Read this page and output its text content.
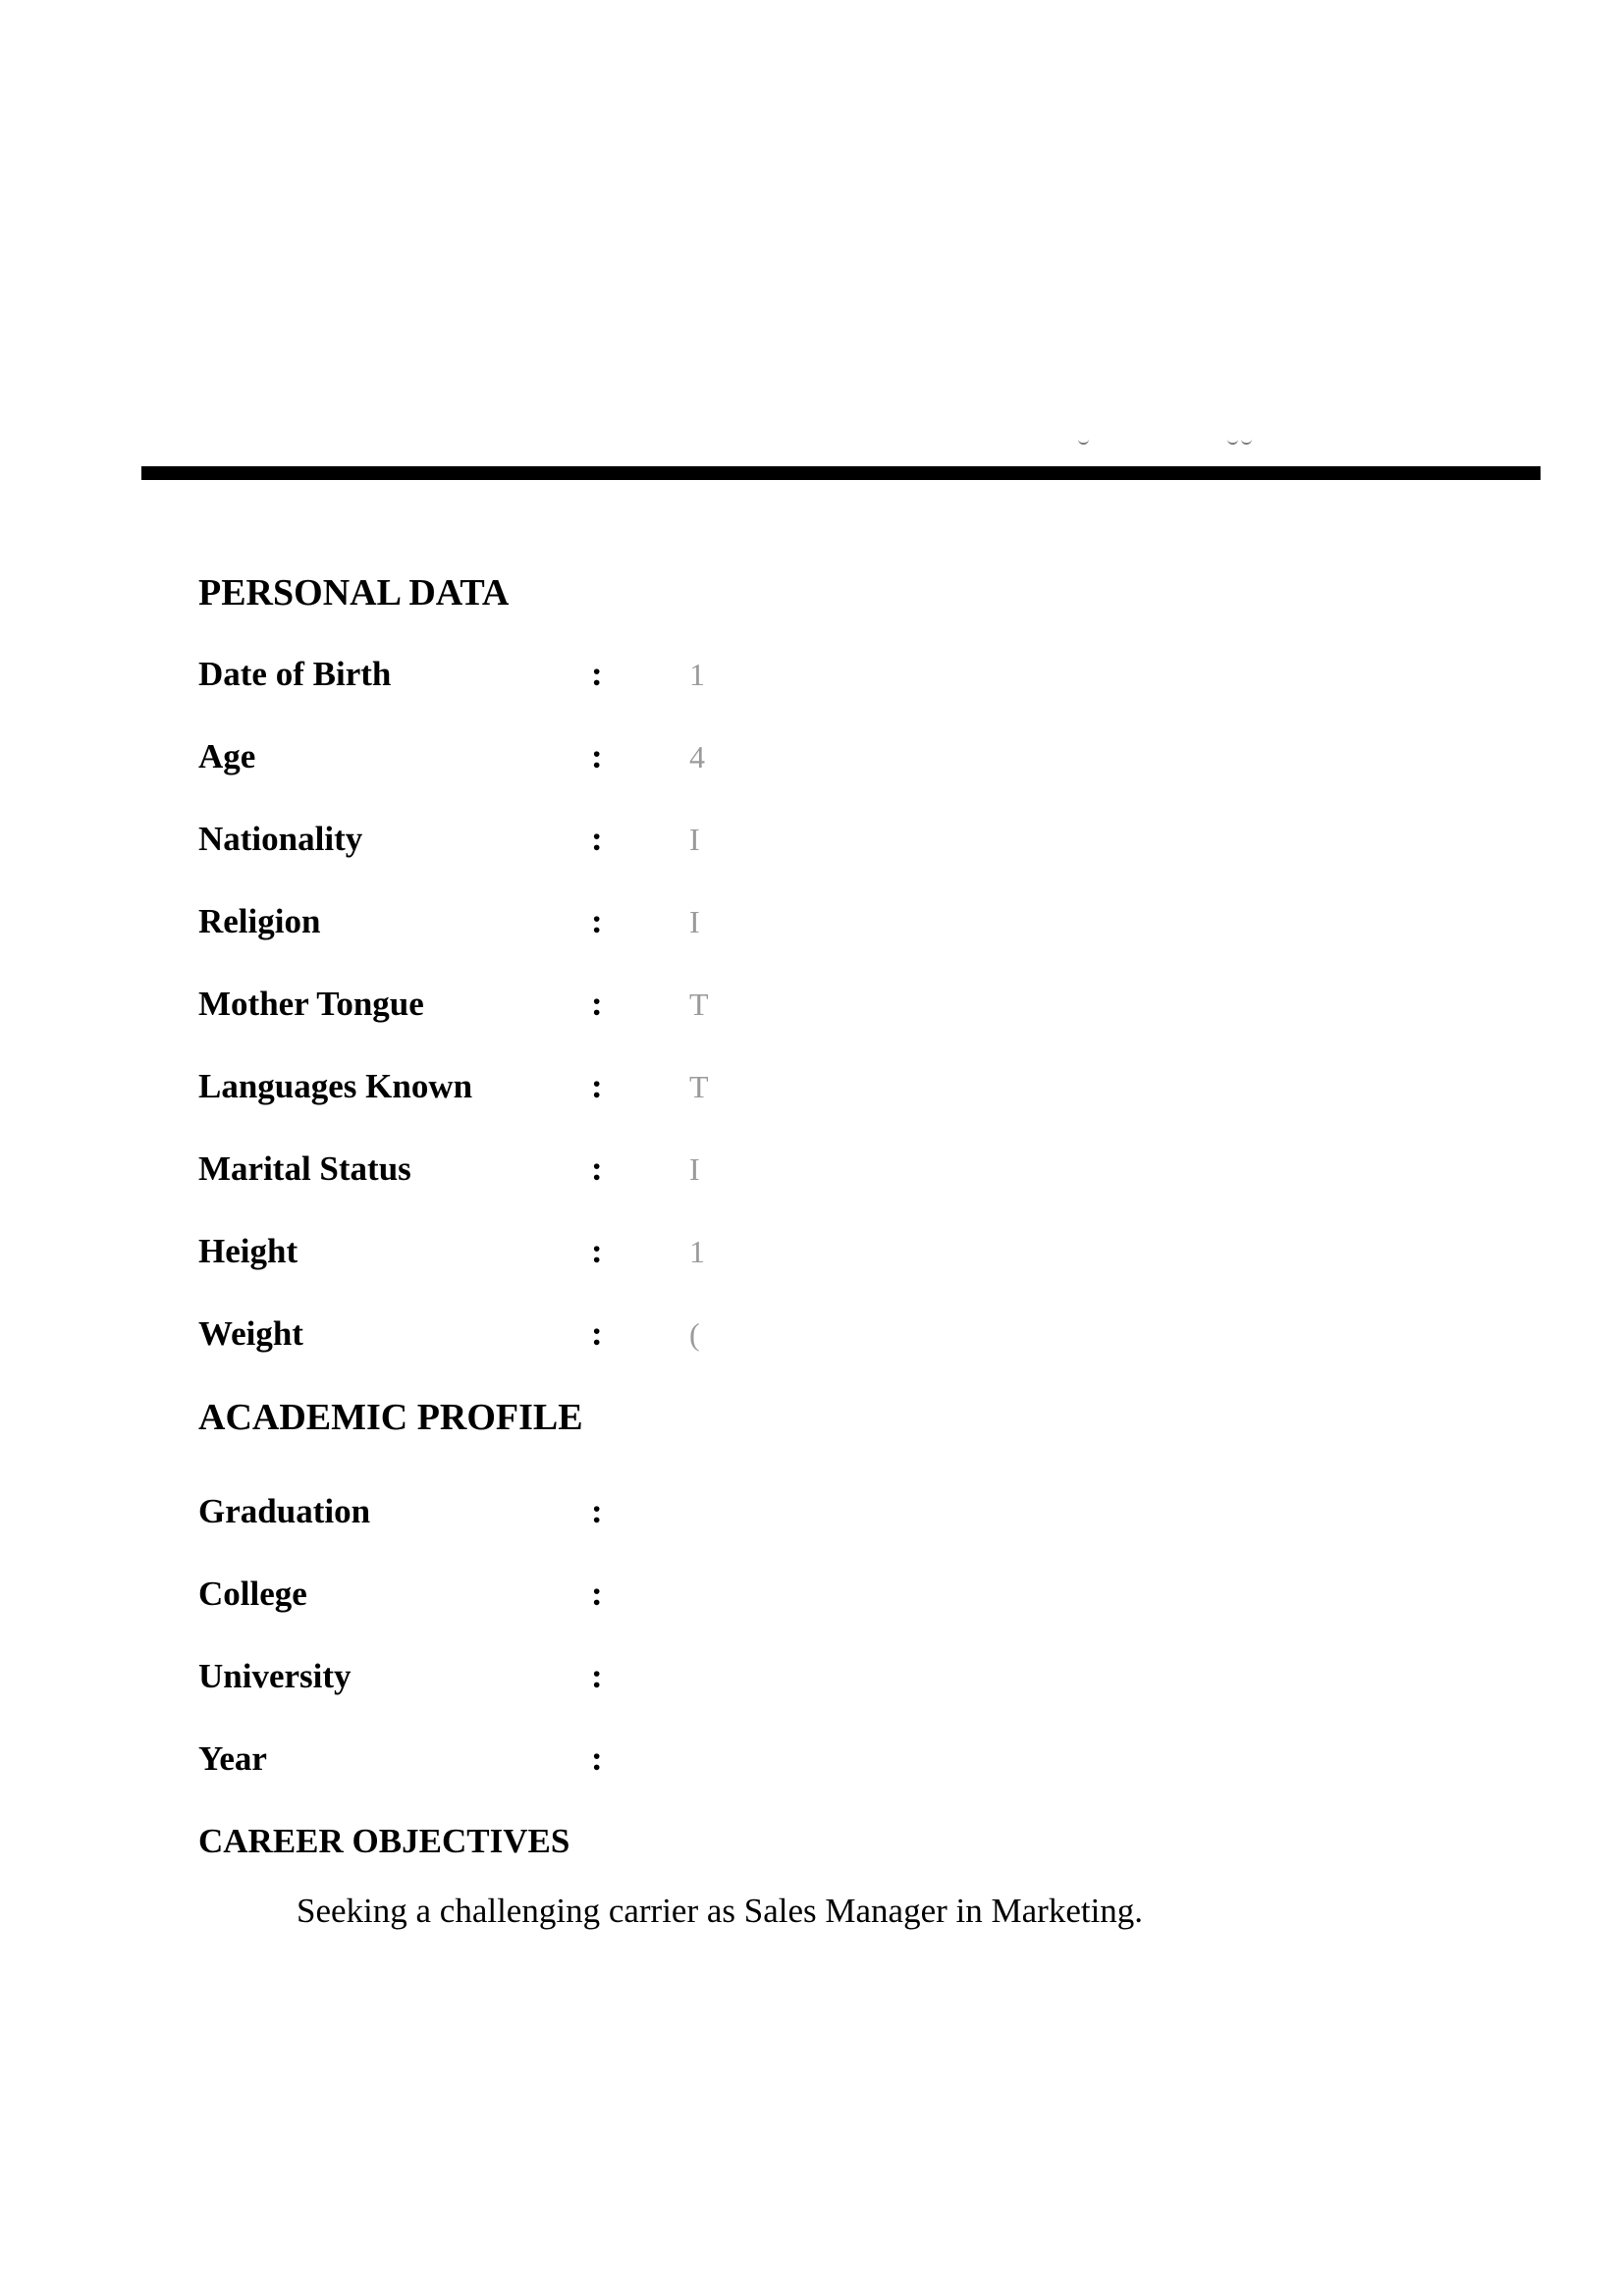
PERSONAL DATA
Date of Birth	:	1
Age	:	4
Nationality	:	I
Religion	:	I
Mother Tongue	:	T
Languages Known	:	T
Marital Status	:	I
Height	:	1
Weight	:	(
ACADEMIC PROFILE
Graduation	:
College	:
University	:
Year	:
CAREER OBJECTIVES
Seeking a challenging carrier as Sales Manager in Marketing.
